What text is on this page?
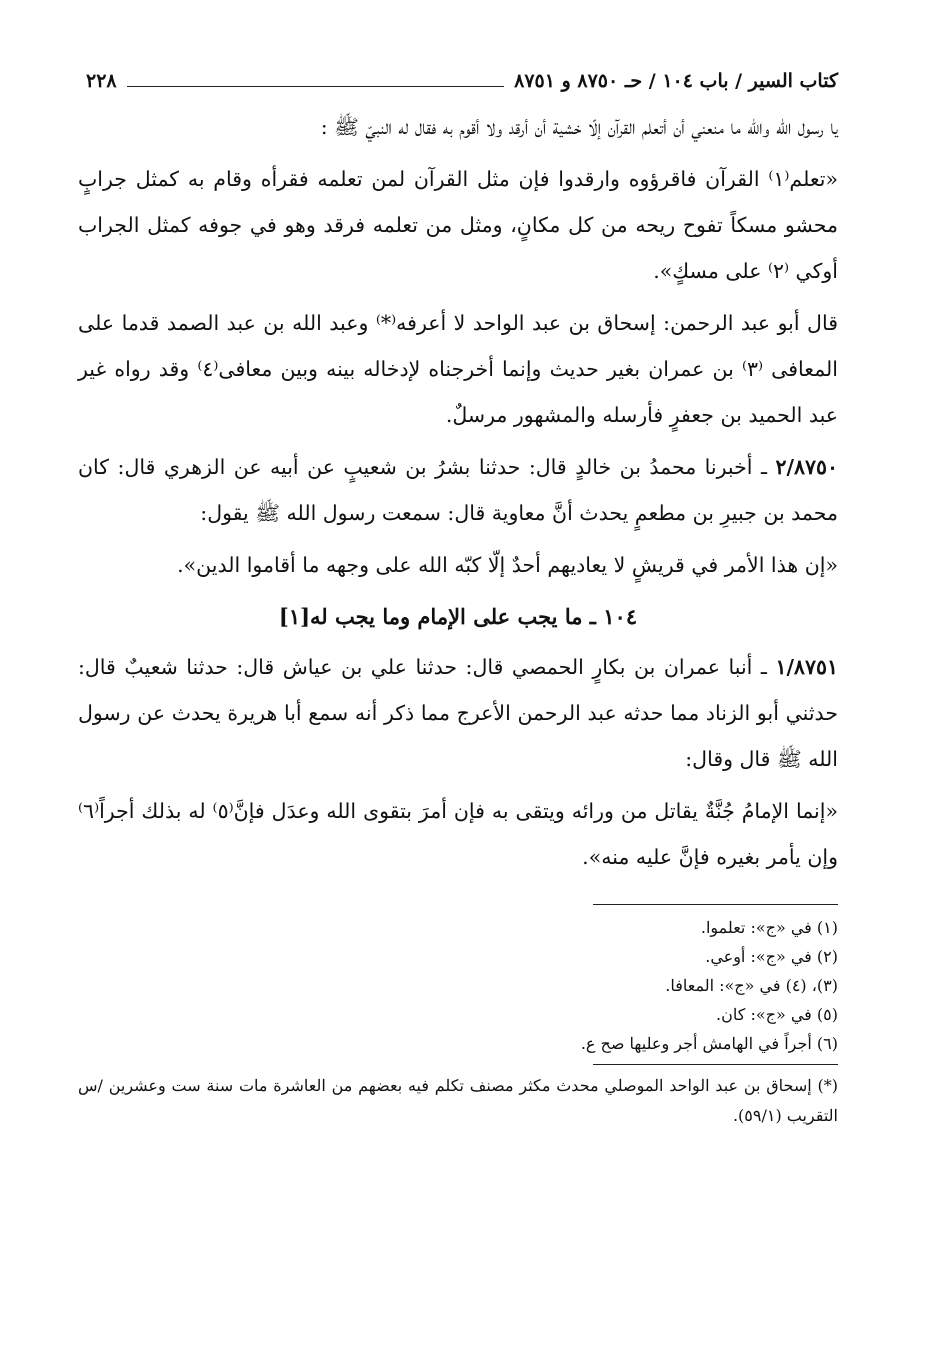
كتاب السير / باب ١٠٤ / حـ ٨٧٥٠ و ٨٧٥١
٢٢٨

يا رسول الله والله ما منعني أن أتعلم القرآن إلّا خشية أن أرقد ولا أقوم به فقال له النبيّ ﷺ :

«تعلم⁽١⁾ القرآن فاقرؤوه وارقدوا فإن مثل القرآن لمن تعلمه فقرأه وقام به كمثل جرابٍ محشو مسكاً تفوح ريحه من كل مكانٍ، ومثل من تعلمه فرقد وهو في جوفه كمثل الجراب أوكي ⁽٢⁾ على مسكٍ».

قال أبو عبد الرحمن: إسحاق بن عبد الواحد لا أعرفه⁽*⁾ وعبد الله بن عبد الصمد قدما على المعافى ⁽٣⁾ بن عمران بغير حديث وإنما أخرجناه لإدخاله بينه وبين معافى⁽٤⁾ وقد رواه غير عبد الحميد بن جعفرٍ فأرسله والمشهور مرسلٌ.

٢/٨٧٥٠ ـ أخبرنا محمدُ بن خالدٍ قال: حدثنا بشرُ بن شعيبٍ عن أبيه عن الزهري قال: كان محمد بن جبيرِ بن مطعمٍ يحدث أنَّ معاوية قال: سمعت رسول الله ﷺ يقول:

«إن هذا الأمر في قريشٍ لا يعاديهم أحدٌ إلّا كبّه الله على وجهه ما أقاموا الدين».

١٠٤ ـ ما يجب على الإمام وما يجب له[١]

١/٨٧٥١ ـ أنبا عمران بن بكارٍ الحمصي قال: حدثنا علي بن عياش قال: حدثنا شعيبٌ قال: حدثني أبو الزناد مما حدثه عبد الرحمن الأعرج مما ذكر أنه سمع أبا هريرة يحدث عن رسول الله ﷺ قال وقال:

«إنما الإمامُ جُنَّةٌ يقاتل من ورائه ويتقى به فإن أمرَ بتقوى الله وعدَل فإنَّ⁽٥⁾ له بذلك أجراً⁽٦⁾ وإن يأمر بغيره فإنَّ عليه منه».

(١) في «ج»: تعلموا.
(٢) في «ج»: أوعي.
(٣)، (٤) في «ج»: المعافا.
(٥) في «ج»: كان.
(٦) أجراً في الهامش أجر وعليها صح ع.
(*) إسحاق بن عبد الواحد الموصلي محدث مكثر مصنف تكلم فيه بعضهم من العاشرة مات سنة ست وعشرين /س التقريب (٥٩/١).
